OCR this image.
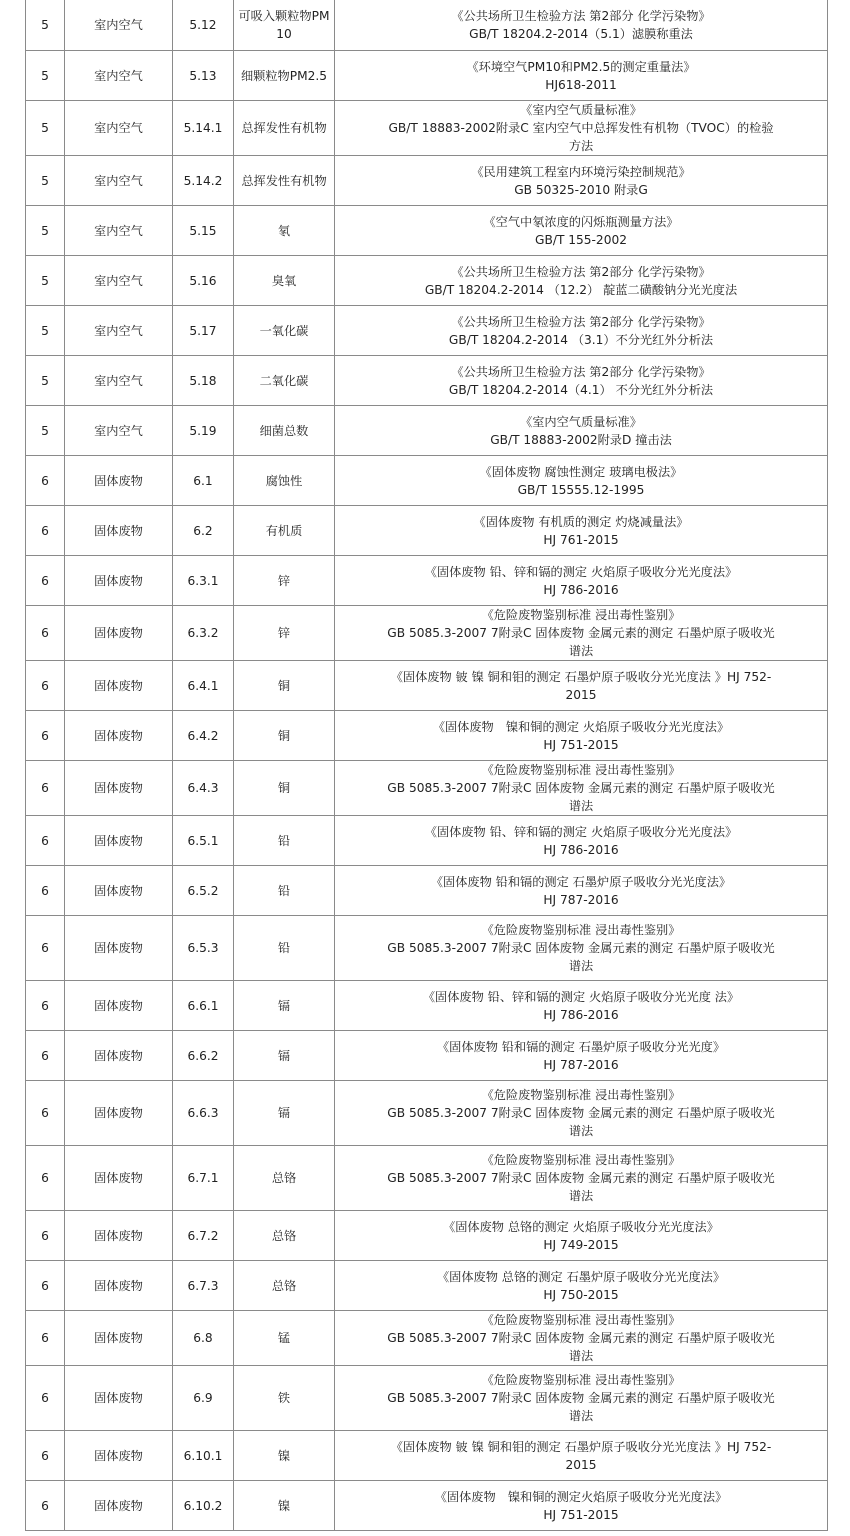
5	室内空气	5.12	可吸入颗粒物PM10	《公共场所卫生检验方法 第2部分 化学污染物》
GB/T 18204.2-2014（5.1）滤膜称重法

5	室内空气	5.13	细颗粒物PM2.5	《环境空气PM10和PM2.5的测定重量法》
HJ618-2011

5	室内空气	5.14.1	总挥发性有机物	《室内空气质量标准》
GB/T 18883-2002附录C 室内空气中总挥发性有机物（TVOC）的检验
方法

5	室内空气	5.14.2	总挥发性有机物	《民用建筑工程室内环境污染控制规范》
GB 50325-2010 附录G

5	室内空气	5.15	氡	《空气中氡浓度的闪烁瓶测量方法》
GB/T 155-2002

5	室内空气	5.16	臭氧	《公共场所卫生检验方法 第2部分 化学污染物》
GB/T 18204.2-2014 （12.2） 靛蓝二磺酸钠分光光度法

5	室内空气	5.17	一氧化碳	《公共场所卫生检验方法 第2部分 化学污染物》
GB/T 18204.2-2014 （3.1）不分光红外分析法

5	室内空气	5.18	二氧化碳	《公共场所卫生检验方法 第2部分 化学污染物》
GB/T 18204.2-2014（4.1） 不分光红外分析法

5	室内空气	5.19	细菌总数	《室内空气质量标准》
GB/T 18883-2002附录D 撞击法

6	固体废物	6.1	腐蚀性	《固体废物 腐蚀性测定 玻璃电极法》
GB/T 15555.12-1995

6	固体废物	6.2	有机质	《固体废物 有机质的测定 灼烧减量法》
HJ 761-2015

6	固体废物	6.3.1	锌	《固体废物 铅、锌和镉的测定 火焰原子吸收分光光度法》
HJ 786-2016

6	固体废物	6.3.2	锌	《危险废物鉴别标准 浸出毒性鉴别》
GB 5085.3-2007 7附录C 固体废物 金属元素的测定 石墨炉原子吸收光
谱法

6	固体废物	6.4.1	铜	《固体废物 铍 镍 铜和钼的测定 石墨炉原子吸收分光光度法 》HJ 752-
2015

6	固体废物	6.4.2	铜	《固体废物　镍和铜的测定 火焰原子吸收分光光度法》
HJ 751-2015

6	固体废物	6.4.3	铜	《危险废物鉴别标准 浸出毒性鉴别》
GB 5085.3-2007 7附录C 固体废物 金属元素的测定 石墨炉原子吸收光
谱法

6	固体废物	6.5.1	铅	《固体废物 铅、锌和镉的测定 火焰原子吸收分光光度法》
HJ 786-2016

6	固体废物	6.5.2	铅	《固体废物 铅和镉的测定 石墨炉原子吸收分光光度法》
HJ 787-2016

6	固体废物	6.5.3	铅	《危险废物鉴别标准 浸出毒性鉴别》
GB 5085.3-2007 7附录C 固体废物 金属元素的测定 石墨炉原子吸收光
谱法

6	固体废物	6.6.1	镉	《固体废物 铅、锌和镉的测定 火焰原子吸收分光光度 法》
HJ 786-2016

6	固体废物	6.6.2	镉	《固体废物 铅和镉的测定 石墨炉原子吸收分光光度》
HJ 787-2016

6	固体废物	6.6.3	镉	《危险废物鉴别标准 浸出毒性鉴别》
GB 5085.3-2007 7附录C 固体废物 金属元素的测定 石墨炉原子吸收光
谱法

6	固体废物	6.7.1	总铬	《危险废物鉴别标准 浸出毒性鉴别》
GB 5085.3-2007 7附录C 固体废物 金属元素的测定 石墨炉原子吸收光
谱法

6	固体废物	6.7.2	总铬	《固体废物 总铬的测定 火焰原子吸收分光光度法》
HJ 749-2015

6	固体废物	6.7.3	总铬	《固体废物 总铬的测定 石墨炉原子吸收分光光度法》
HJ 750-2015

6	固体废物	6.8	锰	《危险废物鉴别标准 浸出毒性鉴别》
GB 5085.3-2007 7附录C 固体废物 金属元素的测定 石墨炉原子吸收光
谱法

6	固体废物	6.9	铁	《危险废物鉴别标准 浸出毒性鉴别》
GB 5085.3-2007 7附录C 固体废物 金属元素的测定 石墨炉原子吸收光
谱法

6	固体废物	6.10.1	镍	《固体废物 铍 镍 铜和钼的测定 石墨炉原子吸收分光光度法 》HJ 752-
2015

6	固体废物	6.10.2	镍	《固体废物　镍和铜的测定火焰原子吸收分光光度法》
HJ 751-2015
